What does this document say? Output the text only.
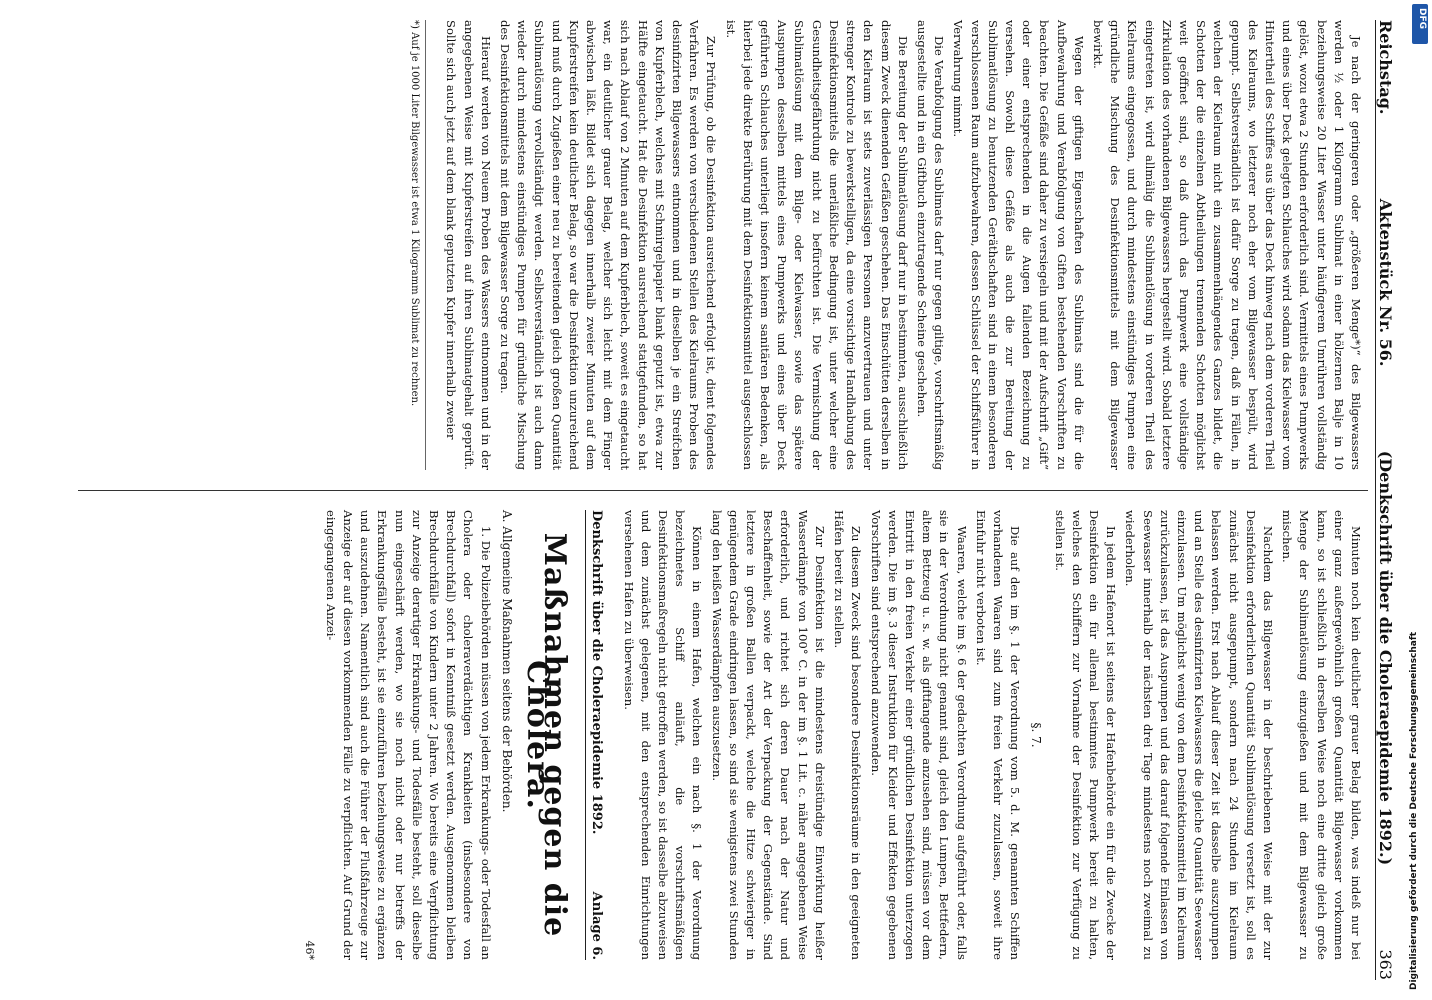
Reichstag.
Aktenstück Nr. 56.
(Denkschrift über die Choleraepidemie 1892.)
363

Je nach der geringeren oder „größeren Menge*)“ des Bilgewassers werden ½ oder 1 Kilogramm Sublimat in einer hölzernen Balje in 10 beziehungsweise 20 Liter Wasser unter häufigerem Umrühren vollständig gelöst, wozu etwa 2 Stunden erforderlich sind. Vermittels eines Pumpwerks und eines über Deck gelegten Schlauches wird sodann das Kielwasser vom Hintertheil des Schiffes aus über das Deck hinweg nach dem vorderen Theil des Kielraums, wo letzterer noch eher vom Bilgewasser bespült, wird gepumpt. Selbstverständlich ist dafür Sorge zu tragen, daß in Fällen, in welchen der Kielraum nicht ein zusammenhängendes Ganzes bildet, die Schotten der die einzelnen Abtheilungen trennenden Schotten möglichst weit geöffnet sind, so daß durch das Pumpwerk eine vollständige Zirkulation des vorhandenen Bilgewassers hergestellt wird. Sobald letztere eingetreten ist, wird allmälig die Sublimatlösung in vorderen Theil des Kielraums eingegossen, und durch mindestens einstündiges Pumpen eine gründliche Mischung des Desinfektionsmittels mit dem Bilgewasser bewirkt.

Wegen der giftigen Eigenschaften des Sublimats sind die für die Aufbewahrung und Verabfolgung von Giften bestehenden Vorschriften zu beachten. Die Gefäße sind daher zu versiegeln und mit der Aufschrift „Gift“ oder einer entsprechenden in die Augen fallenden Bezeichnung zu versehen. Sowohl diese Gefäße als auch die zur Bereitung der Sublimatlösung zu benutzenden Geräthschaften sind in einem besonderen verschlossenen Raum aufzubewahren, dessen Schlüssel der Schiffsführer in Verwahrung nimmt.

Die Verabfolgung des Sublimats darf nur gegen giltige, vorschriftsmäßig ausgestellte und in ein Giftbuch einzutragende Scheine geschehen.

Die Bereitung der Sublimatlösung darf nur in bestimmten, ausschließlich diesem Zweck dienenden Gefäßen geschehen. Das Einschütten derselben in den Kielraum ist stets zuverlässigen Personen anzuvertrauen und unter strenger Kontrole zu bewerkstelligen, da eine vorsichtige Handhabung des Desinfektionsmittels die unerläßliche Bedingung ist, unter welcher eine Gesundheitsgefährdung nicht zu befürchten ist. Die Vermischung der Sublimatlösung mit dem Bilge- oder Kielwasser, sowie das spätere Auspumpen desselben mittels eines Pumpwerks und eines über Deck geführten Schlauches unterliegt insofern keinem sanitären Bedenken, als hierbei jede direkte Berührung mit dem Desinfektionsmittel ausgeschlossen ist.

Zur Prüfung, ob die Desinfektion ausreichend erfolgt ist, dient folgendes Verfahren. Es werden von verschiedenen Stellen des Kielraums Proben des desinfizirten Bilgewassers entnommen und in dieselben je ein Streifchen von Kupferblech, welches mit Schmirgelpapier blank geputzt ist, etwa zur Hälfte eingetaucht. Hat die Desinfektion ausreichend stattgefunden, so hat sich nach Ablauf von 2 Minuten auf dem Kupferblech, soweit es eingetaucht war, ein deutlicher grauer Belag, welcher sich leicht mit dem Finger abwischen läßt. Bildet sich dagegen innerhalb zweier Minuten auf dem Kupferstreifen kein deutlicher Belag, so war die Desinfektion unzureichend und muß durch Zugießen einer neu zu bereitenden gleich großen Quantität Sublimatlösung vervollständigt werden. Selbstverständlich ist auch dann wieder durch mindestens einstündiges Pumpen für gründliche Mischung des Desinfektionsmittels mit dem Bilgewasser Sorge zu tragen.

Hierauf werden von Neuem Proben des Wassers entnommen und in der angegebenen Weise mit Kupferstreifen auf ihren Sublimatgehalt geprüft. Sollte sich auch jetzt auf dem blank geputzten Kupfer innerhalb zweier

*) Auf je 1000 Liter Bilgewasser ist etwa 1 Kilogramm Sublimat zu rechnen.

Minuten noch kein deutlicher grauer Belag bilden, was indeß nur bei einer ganz außergewöhnlich großen Quantität Bilgewasser vorkommen kann, so ist schließlich in derselben Weise noch eine dritte gleich große Menge der Sublimatlösung einzugießen und mit dem Bilgewasser zu mischen.

Nachdem das Bilgewasser in der beschriebenen Weise mit der zur Desinfektion erforderlichen Quantität Sublimatlösung versetzt ist, soll es zunächst nicht ausgepumpt, sondern nach 24 Stunden im Kielraum belassen werden. Erst nach Ablauf dieser Zeit ist dasselbe auszupumpen und an Stelle des desinfizirten Kielwassers die gleiche Quantität Seewasser einzulassen. Um möglichst wenig von dem Desinfektionsmittel im Kielraum zurückzulassen, ist das Auspumpen und das darauf folgende Einlassen von Seewasser innerhalb der nächsten drei Tage mindestens noch zweimal zu wiederholen.

In jedem Hafenort ist seitens der Hafenbehörde ein für die Zwecke der Desinfektion ein für allemal bestimmtes Pumpwerk bereit zu halten, welches den Schiffern zur Vornahme der Desinfektion zur Verfügung zu stellen ist.

§. 7.

Die auf den im §. 1 der Verordnung vom 5. d. M. genannten Schiffen vorhandenen Waaren sind zum freien Verkehr zuzulassen, soweit ihre Einfuhr nicht verboten ist.

Waaren, welche im §. 6 der gedachten Verordnung aufgeführt oder, falls sie in der Verordnung nicht genannt sind, gleich den Lumpen, Bettfedern, altem Bettzeug u. s. w. als giftfangende anzusehen sind, müssen vor dem Eintritt in den freien Verkehr einer gründlichen Desinfektion unterzogen werden. Die im §. 3 dieser Instruktion für Kleider und Effekten gegebenen Vorschriften sind entsprechend anzuwenden.

Zu diesem Zweck sind besondere Desinfektionsräume in den geeigneten Häfen bereit zu stellen.

Zur Desinfektion ist die mindestens dreistündige Einwirkung heißer Wasserdämpfe von 100° C. in der im §. 1 Lit. c. näher angegebenen Weise erforderlich, und richtet sich deren Dauer nach der Natur und Beschaffenheit, sowie der Art der Verpackung der Gegenstände. Sind letztere in großen Ballen verpackt, welche die Hitze schwieriger in genügendem Grade eindringen lassen, so sind sie wenigstens zwei Stunden lang den heißen Wasserdämpfen auszusetzen.

Können in einem Hafen, welchen ein nach §. 1 der Verordnung bezeichnetes Schiff anläuft, die vorschriftsmäßigen Desinfektionsmaßregeln nicht getroffen werden, so ist dasselbe abzuweisen und dem zunächst gelegenen, mit den entsprechenden Einrichtungen versehenen Hafen zu überweisen.

Denkschrift über die Choleraepidemie 1892.
Anlage 6.
Maßnahmen gegen die Cholera.
A. Allgemeine Maßnahmen seitens der Behörden.

1. Die Polizeibehörden müssen von jedem Erkrankungs- oder Todesfall an Cholera oder choleraverdächtigen Krankheiten (insbesondere von Brechdurchfall) sofort in Kenntniß gesetzt werden. Ausgenommen bleiben Brechdurchfälle von Kindern unter 2 Jahren. Wo bereits eine Verpflichtung zur Anzeige derartiger Erkrankungs- und Todesfälle besteht, soll dieselbe nun eingeschärft werden, wo sie noch nicht oder nur betreffs der Erkrankungsfälle besteht, ist sie einzuführen beziehungsweise zu ergänzen und auszudehnen. Namentlich sind auch die Führer der Flußfahrzeuge zur Anzeige der auf diesen vorkommenden Fälle zu verpflichten. Auf Grund der eingegangenen Anzei-

46*
DFG
Digitalisierung gefördert durch die Deutsche Forschungsgemeinschaft
